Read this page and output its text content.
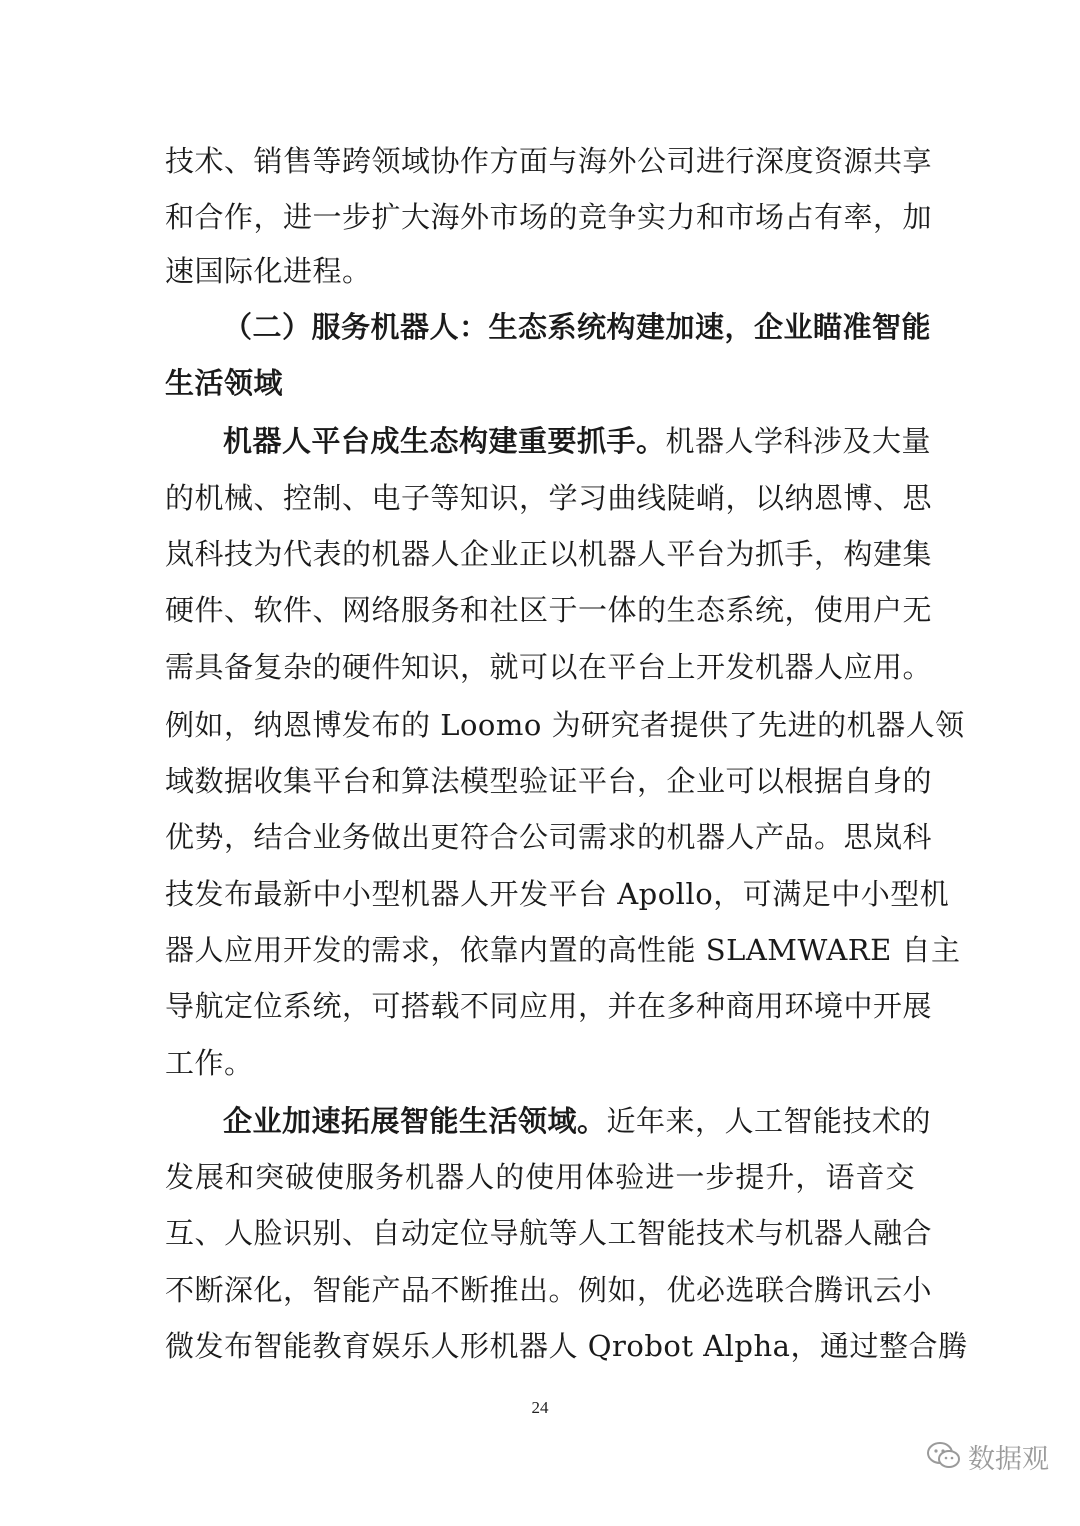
技术、销售等跨领域协作方面与海外公司进行深度资源共享
和合作，进一步扩大海外市场的竞争实力和市场占有率，加
速国际化进程。
（二）服务机器人：生态系统构建加速，企业瞄准智能
生活领域
机器人平台成生态构建重要抓手。机器人学科涉及大量
的机械、控制、电子等知识，学习曲线陡峭，以纳恩博、思
岚科技为代表的机器人企业正以机器人平台为抓手，构建集
硬件、软件、网络服务和社区于一体的生态系统，使用户无
需具备复杂的硬件知识，就可以在平台上开发机器人应用。
例如，纳恩博发布的 Loomo 为研究者提供了先进的机器人领
域数据收集平台和算法模型验证平台，企业可以根据自身的
优势，结合业务做出更符合公司需求的机器人产品。思岚科
技发布最新中小型机器人开发平台 Apollo，可满足中小型机
器人应用开发的需求，依靠内置的高性能 SLAMWARE 自主
导航定位系统，可搭载不同应用，并在多种商用环境中开展
工作。
企业加速拓展智能生活领域。近年来，人工智能技术的
发展和突破使服务机器人的使用体验进一步提升，语音交
互、人脸识别、自动定位导航等人工智能技术与机器人融合
不断深化，智能产品不断推出。例如，优必选联合腾讯云小
微发布智能教育娱乐人形机器人 Qrobot Alpha，通过整合腾
24
数据观
